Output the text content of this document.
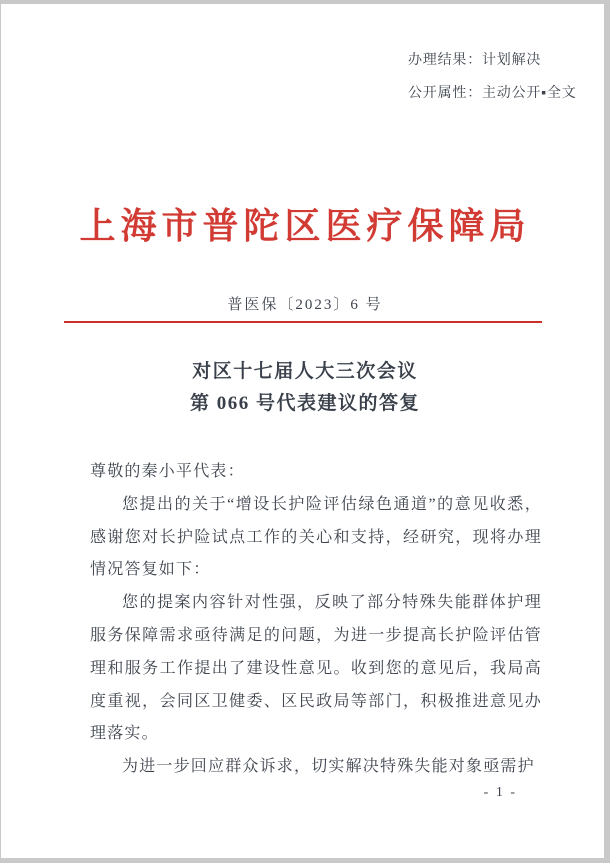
办理结果：计划解决
公开属性：主动公开▪全文
上海市普陀区医疗保障局
普医保〔2023〕6 号
对区十七届人大三次会议
第 066 号代表建议的答复
尊敬的秦小平代表：
您提出的关于“增设长护险评估绿色通道”的意见收悉，感谢您对长护险试点工作的关心和支持，经研究，现将办理情况答复如下：
您的提案内容针对性强，反映了部分特殊失能群体护理服务保障需求亟待满足的问题，为进一步提高长护险评估管理和服务工作提出了建设性意见。收到您的意见后，我局高度重视，会同区卫健委、区民政局等部门，积极推进意见办理落实。
为进一步回应群众诉求，切实解决特殊失能对象亟需护
- 1 -
